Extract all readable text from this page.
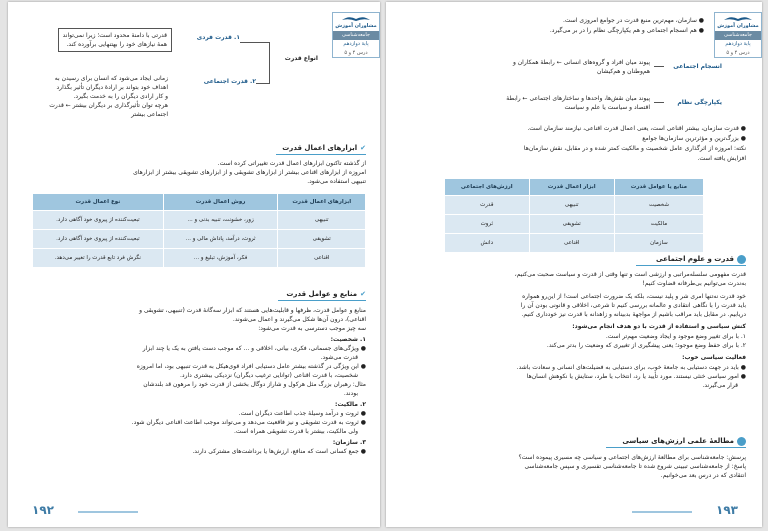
مشاوران آموزش
جامعه‌شناسی
پایهٔ دوازدهم
درس ۴ و ۵
انواع قدرت
۱. قدرت فردی
۲. قدرت اجتماعی
قدرتی با دامنهٔ محدود است؛ زیرا نمی‌تواند
همهٔ نیازهای خود را بهتنهایی برآورده کند.
زمانی ایجاد می‌شود که انسان برای رسیدن به
اهداف خود بتواند بر ارادهٔ دیگران تأثیر بگذارد
و کار ارادی دیگران را به خدمت بگیرد.
هرچه توان تأثیرگذاری بر دیگران بیشتر ← قدرت
اجتماعی بیشتر
✔ابزارهای اعمال قدرت
از گذشته تاکنون ابزارهای اعمال قدرت تغییراتی کرده است.
امروزه از ابزارهای اقناعی بیشتر از ابزارهای تشویقی و از ابزارهای تشویقی بیشتر از ابزارهای
تنبیهی استفاده می‌شود.
ابزارهای اعمال قدرت	روش اعمال قدرت	نوع اعمال قدرت
تنبیهی	زور، خشونت، تنبیه بدنی و ...	تبعیت‌کننده از پیروی خود آگاهی دارد.
تشویقی	ثروت، درآمد، پاداش مالی و ...	تبعیت‌کننده از پیروی خود آگاهی دارد.
اقناعی	فکر، آموزش، تبلیغ و ...	نگرش فرد تابع قدرت را تغییر می‌دهد.
✔منابع و عوامل قدرت
منابع و عوامل قدرت، ظرفها و قابلیت‌هایی هستند که ابزار سه‌گانهٔ قدرت (تنبیهی، تشویقی و
اقناعی)، درون آن‌ها شکل می‌گیرند و اعمال می‌شوند.
سه چیز موجب دسترسی به قدرت می‌شود:
۱. شخصیت:
● ویژگی‌های جسمانی، فکری، بیانی، اخلاقی و ... که موجب دست یافتن به یک یا چند ابزار
قدرت می‌شود.
● این ویژگی در گذشته بیشتر عامل دستیابی افراد قوی‌هیکل به قدرت تنبیهی بود، اما امروزه
شخصیت، با قدرت اقناعی (توانایی ترغیب دیگران) نزدیکی بیشتری دارد.
مثال: رهبران بزرگ مثل هرکول و شاراز دوگال بخشی از قدرت خود را مرهون قد بلندشان
بودند.
۲. مالکیت:
● ثروت و درآمد وسیلهٔ جذب اطاعت دیگران است.
● ثروت به قدرت تشویقی و نیز فاقعیت می‌دهد و می‌تواند موجب اطاعت اقناعی دیگران شود.
ولی مالکیت، بیشتر با قدرت تشویقی همراه است.
۳. سازمان:
● جمع کسانی است که منافع، ارزش‌ها یا برداشت‌های مشترکی دارند.
۱۹۲
مشاوران آموزش
جامعه‌شناسی
پایهٔ دوازدهم
درس ۴ و ۵
● سازمان، مهم‌ترین منبع قدرت در جوامع امروزی است.
● هم انسجام اجتماعی و هم یکپارچگی نظام را در بر می‌گیرد.
انسجام اجتماعی
پیوند میان افراد و گروه‌های انسانی ← رابطهٔ همکاران و
هم‌وطنان و هم‌کیشان
یکپارچگی نظام
پیوند میان نقش‌ها، واحدها و ساختارهای اجتماعی ← رابطهٔ
اقتصاد و سیاست یا علم و سیاست
● قدرت سازمان، بیشتر اقناعی است، یعنی اعمال قدرت اقناعی، نیازمند سازمان است.
● بزرگ‌ترین و مؤثرترین سازمان‌ها جوامع
نکته: امروزه از اثرگذاری عامل شخصیت و مالکیت کمتر شده و در مقابل، نقش سازمان‌ها
افزایش یافته است.
منابع یا عوامل قدرت	ابزار اعمال قدرت	ارزش‌های اجتماعی
شخصیت	تنبیهی	قدرت
مالکیت	تشویقی	ثروت
سازمان	اقناعی	دانش
قدرت و علوم اجتماعی
قدرت مفهومی سلسله‌مراتبی و ارزشی است و تنها وقتی از قدرت و سیاست صحبت می‌کنیم،
به‌ندرت می‌توانیم بی‌طرفانه قضاوت کنیم!
خود قدرت نه‌تنها امری شر و پلید نیست، بلکه یک ضرورت اجتماعی است! از این‌رو همواره
باید قدرت را با نگاهی انتقادی و عالمانه بررسی کنیم تا شرعی، اخلاقی و قانونی بودن آن را
دریابیم. در مقابل باید مراقب باشیم از مواجههٔ بدبینانه و زاهدانه با قدرت نیز خودداری کنیم.
کنش سیاسی و استفاده از قدرت با دو هدف انجام می‌شود:
۱. با برای تغییر وضع موجود و ایجاد وضعیت مهم‌تر است.
۲. با برای حفظ وضع موجود؛ یعنی پیشگیری از تغییری که وضعیت را بدتر می‌کند.
فعالیت سیاسی خوب:
● باید در جهت دستیابی به جامعهٔ خوب، برای دستیابی به فضیلت‌های انسانی و سعادت باشد.
● امور سیاسی خنثی نیستند. مورد تأیید یا رد، انتخاب یا طرد، ستایش یا نکوهش انسان‌ها
قرار می‌گیرند.
مطالعهٔ علمی ارزش‌های سیاسی
پرسش: جامعه‌شناسی برای مطالعهٔ ارزش‌های اجتماعی و سیاسی چه مسیری پیموده است؟
پاسخ: از جامعه‌شناسی تبیینی شروع شده تا جامعه‌شناسی تفسیری و سپس جامعه‌شناسی
انتقادی که در درس بعد می‌خوانیم.
۱۹۳
